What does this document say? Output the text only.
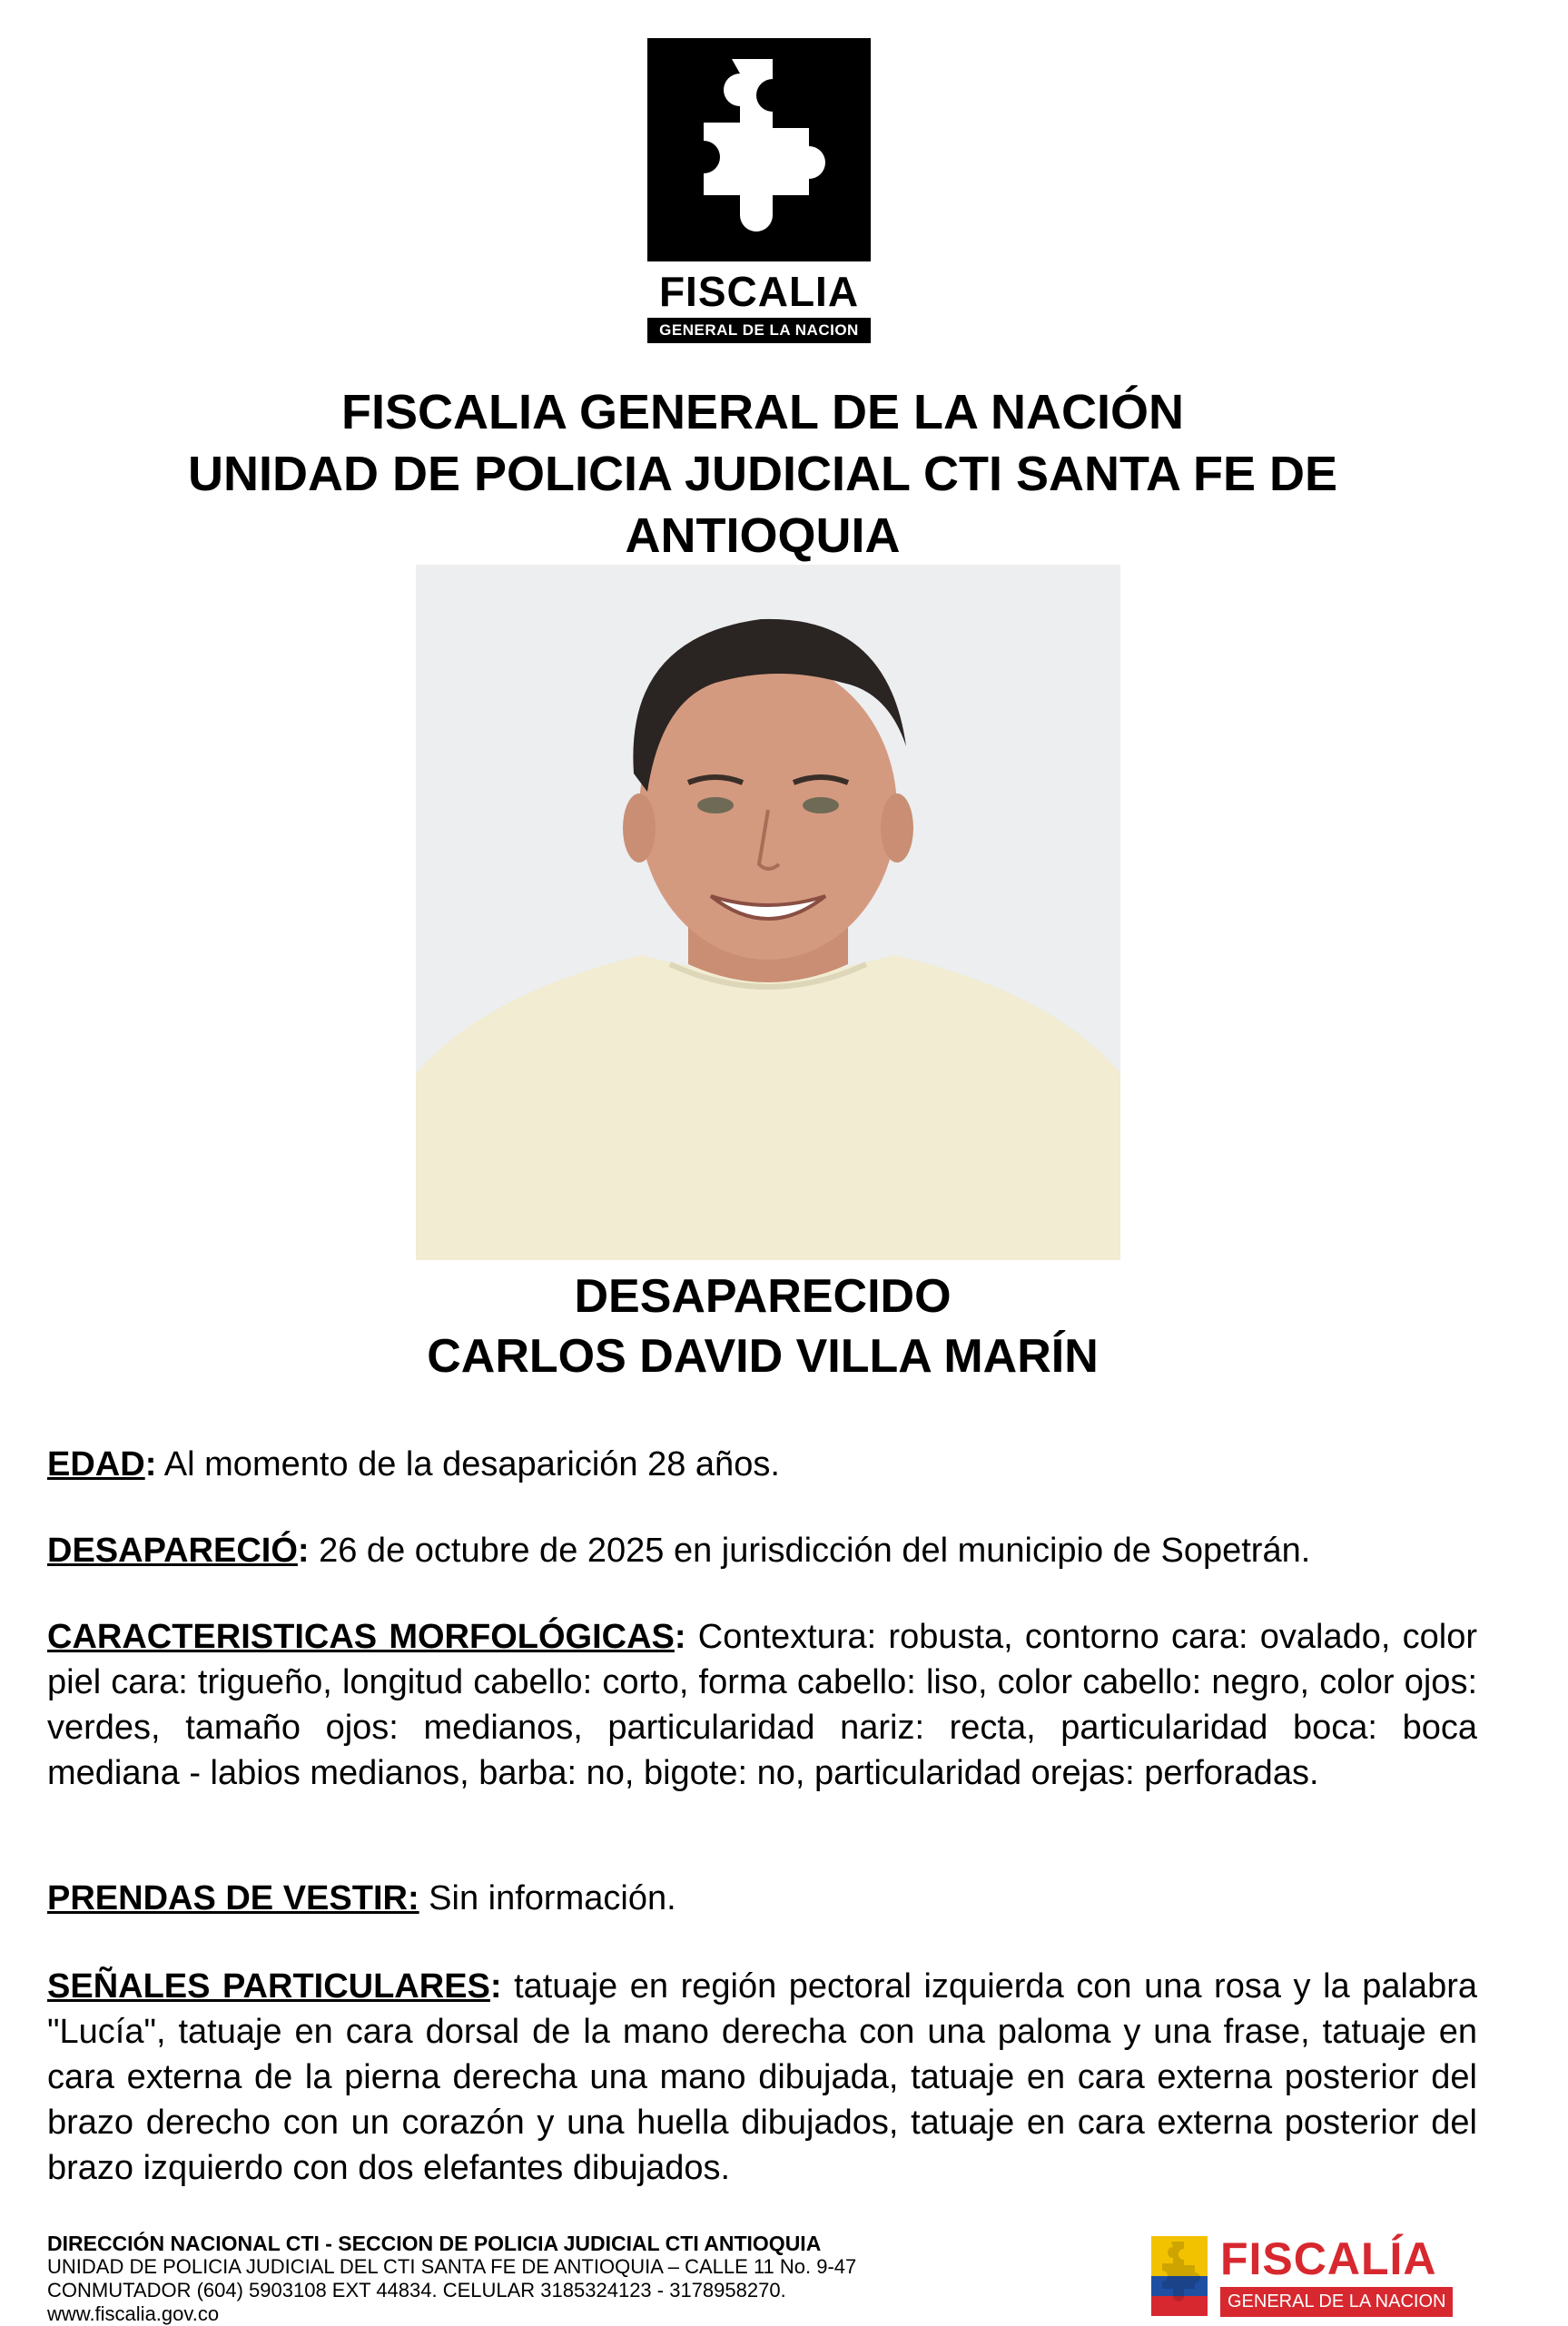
FISCALIA
GENERAL DE LA NACION
FISCALIA GENERAL DE LA NACIÓN
UNIDAD DE POLICIA JUDICIAL CTI SANTA FE DE
ANTIOQUIA
DESAPARECIDO
CARLOS DAVID VILLA MARÍN
EDAD: Al momento de la desaparición 28 años.
DESAPARECIÓ: 26 de octubre de 2025 en jurisdicción del municipio de Sopetrán.
CARACTERISTICAS MORFOLÓGICAS: Contextura: robusta, contorno cara: ovalado, color piel cara: trigueño, longitud cabello: corto, forma cabello: liso, color cabello: negro, color ojos: verdes, tamaño ojos: medianos, particularidad nariz: recta, particularidad boca: boca mediana - labios medianos, barba: no, bigote: no, particularidad orejas: perforadas.
PRENDAS DE VESTIR: Sin información.
SEÑALES PARTICULARES: tatuaje en región pectoral izquierda con una rosa y la palabra "Lucía", tatuaje en cara dorsal de la mano derecha con una paloma y una frase, tatuaje en cara externa de la pierna derecha una mano dibujada, tatuaje en cara externa posterior del brazo derecho con un corazón y una huella dibujados, tatuaje en cara externa posterior del brazo izquierdo con dos elefantes dibujados.
DIRECCIÓN NACIONAL CTI - SECCION DE POLICIA JUDICIAL CTI ANTIOQUIA
UNIDAD DE POLICIA JUDICIAL DEL CTI SANTA FE DE ANTIOQUIA – CALLE 11 No. 9-47
CONMUTADOR (604) 5903108 EXT 44834. CELULAR 3185324123 - 3178958270.
www.fiscalia.gov.co
FISCALÍA
GENERAL DE LA NACION
